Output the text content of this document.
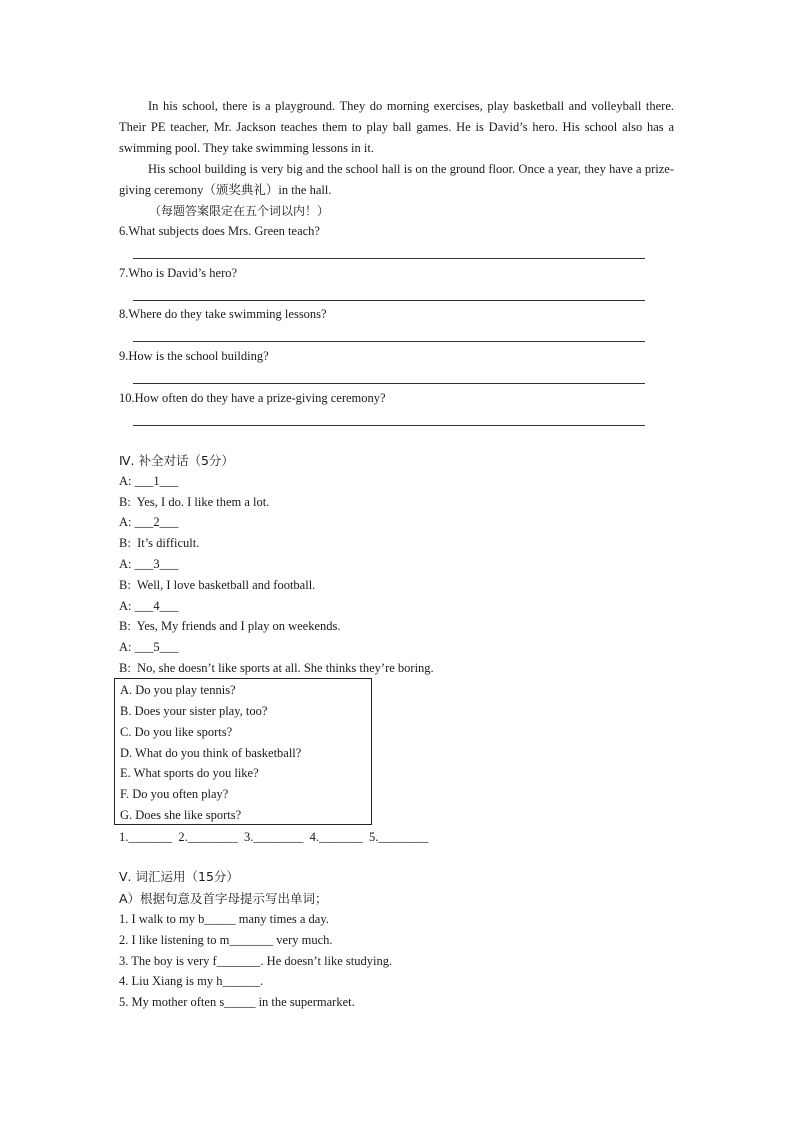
In his school, there is a playground. They do morning exercises, play basketball and volleyball there. Their PE teacher, Mr. Jackson teaches them to play ball games. He is David’s hero. His school also has a swimming pool. They take swimming lessons in it.

His school building is very big and the school hall is on the ground floor. Once a year, they have a prize-giving ceremony（颁奖典礼）in the hall.

（每题答案限定在五个词以内！）
6.What subjects does Mrs. Green teach?
7.Who is David’s hero?
8.Where do they take swimming lessons?
9.How is the school building?
10.How often do they have a prize-giving ceremony?
Ⅳ. 补全对话（5分）
A: ___1___
B: Yes, I do. I like them a lot.
A: ___2___
B: It’s difficult.
A: ___3___
B: Well, I love basketball and football.
A: ___4___
B: Yes, My friends and I play on weekends.
A: ___5___
B: No, she doesn’t like sports at all. She thinks they’re boring.
A. Do you play tennis?
B. Does your sister play, too?
C. Do you like sports?
D. What do you think of basketball?
E. What sports do you like?
F. Do you often play?
G. Does she like sports?
1._______  2.________  3.________  4._______  5.________
Ⅴ. 词汇运用（15分）
A）根据句意及首字母提示写出单词；
1. I walk to my b_____ many times a day.
2. I like listening to m_______ very much.
3. The boy is very f_______. He doesn’t like studying.
4. Liu Xiang is my h______.
5. My mother often s_____ in the supermarket.
